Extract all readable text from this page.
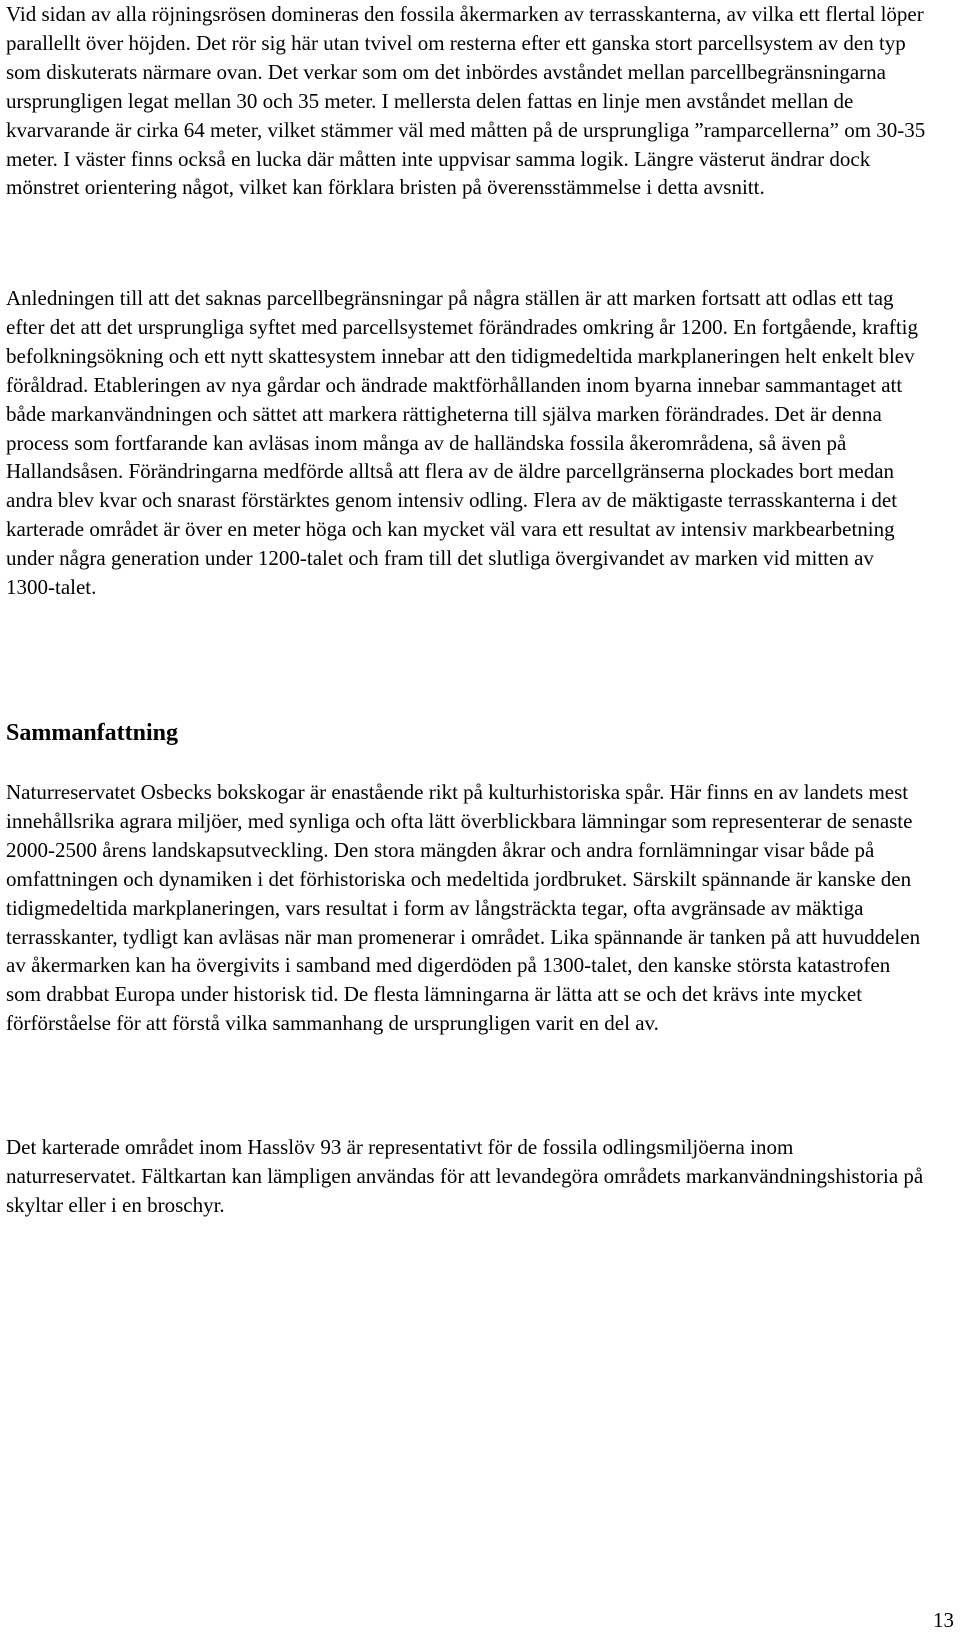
Vid sidan av alla röjningsrösen domineras den fossila åkermarken av terrasskanterna, av vilka ett flertal löper parallellt över höjden. Det rör sig här utan tvivel om resterna efter ett ganska stort parcellsystem av den typ som diskuterats närmare ovan. Det verkar som om det inbördes avståndet mellan parcellbegränsningarna ursprungligen legat mellan 30 och 35 meter. I mellersta delen fattas en linje men avståndet mellan de kvarvarande är cirka 64 meter, vilket stämmer väl med måtten på de ursprungliga ”ramparcellerna” om 30-35 meter. I väster finns också en lucka där måtten inte uppvisar samma logik. Längre västerut ändrar dock mönstret orientering något, vilket kan förklara bristen på överensstämmelse i detta avsnitt.

Anledningen till att det saknas parcellbegränsningar på några ställen är att marken fortsatt att odlas ett tag efter det att det ursprungliga syftet med parcellsystemet förändrades omkring år 1200. En fortgående, kraftig befolkningsökning och ett nytt skattesystem innebar att den tidigmedeltida markplaneringen helt enkelt blev föråldrad. Etableringen av nya gårdar och ändrade maktförhållanden inom byarna innebar sammantaget att både markanvändningen och sättet att markera rättigheterna till själva marken förändrades. Det är denna process som fortfarande kan avläsas inom många av de halländska fossila åkerområdena, så även på Hallandsåsen. Förändringarna medförde alltså att flera av de äldre parcellgränserna plockades bort medan andra blev kvar och snarast förstärktes genom intensiv odling. Flera av de mäktigaste terrasskanterna i det karterade området är över en meter höga och kan mycket väl vara ett resultat av intensiv markbearbetning under några generation under 1200-talet och fram till det slutliga övergivandet av marken vid mitten av 1300-talet.

Sammanfattning

Naturreservatet Osbecks bokskogar är enastående rikt på kulturhistoriska spår. Här finns en av landets mest innehållsrika agrara miljöer, med synliga och ofta lätt överblickbara lämningar som representerar de senaste 2000-2500 årens landskapsutveckling. Den stora mängden åkrar och andra fornlämningar visar både på omfattningen och dynamiken i det förhistoriska och medeltida jordbruket. Särskilt spännande är kanske den tidigmedeltida markplaneringen, vars resultat i form av långsträckta tegar, ofta avgränsade av mäktiga terrasskanter, tydligt kan avläsas när man promenerar i området. Lika spännande är tanken på att huvuddelen av åkermarken kan ha övergivits i samband med digerdöden på 1300-talet, den kanske största katastrofen som drabbat Europa under historisk tid. De flesta lämningarna är lätta att se och det krävs inte mycket förförståelse för att förstå vilka sammanhang de ursprungligen varit en del av.

Det karterade området inom Hasslöv 93 är representativt för de fossila odlingsmiljöerna inom naturreservatet. Fältkartan kan lämpligen användas för att levandegöra områdets markanvändningshistoria på skyltar eller i en broschyr.

13
